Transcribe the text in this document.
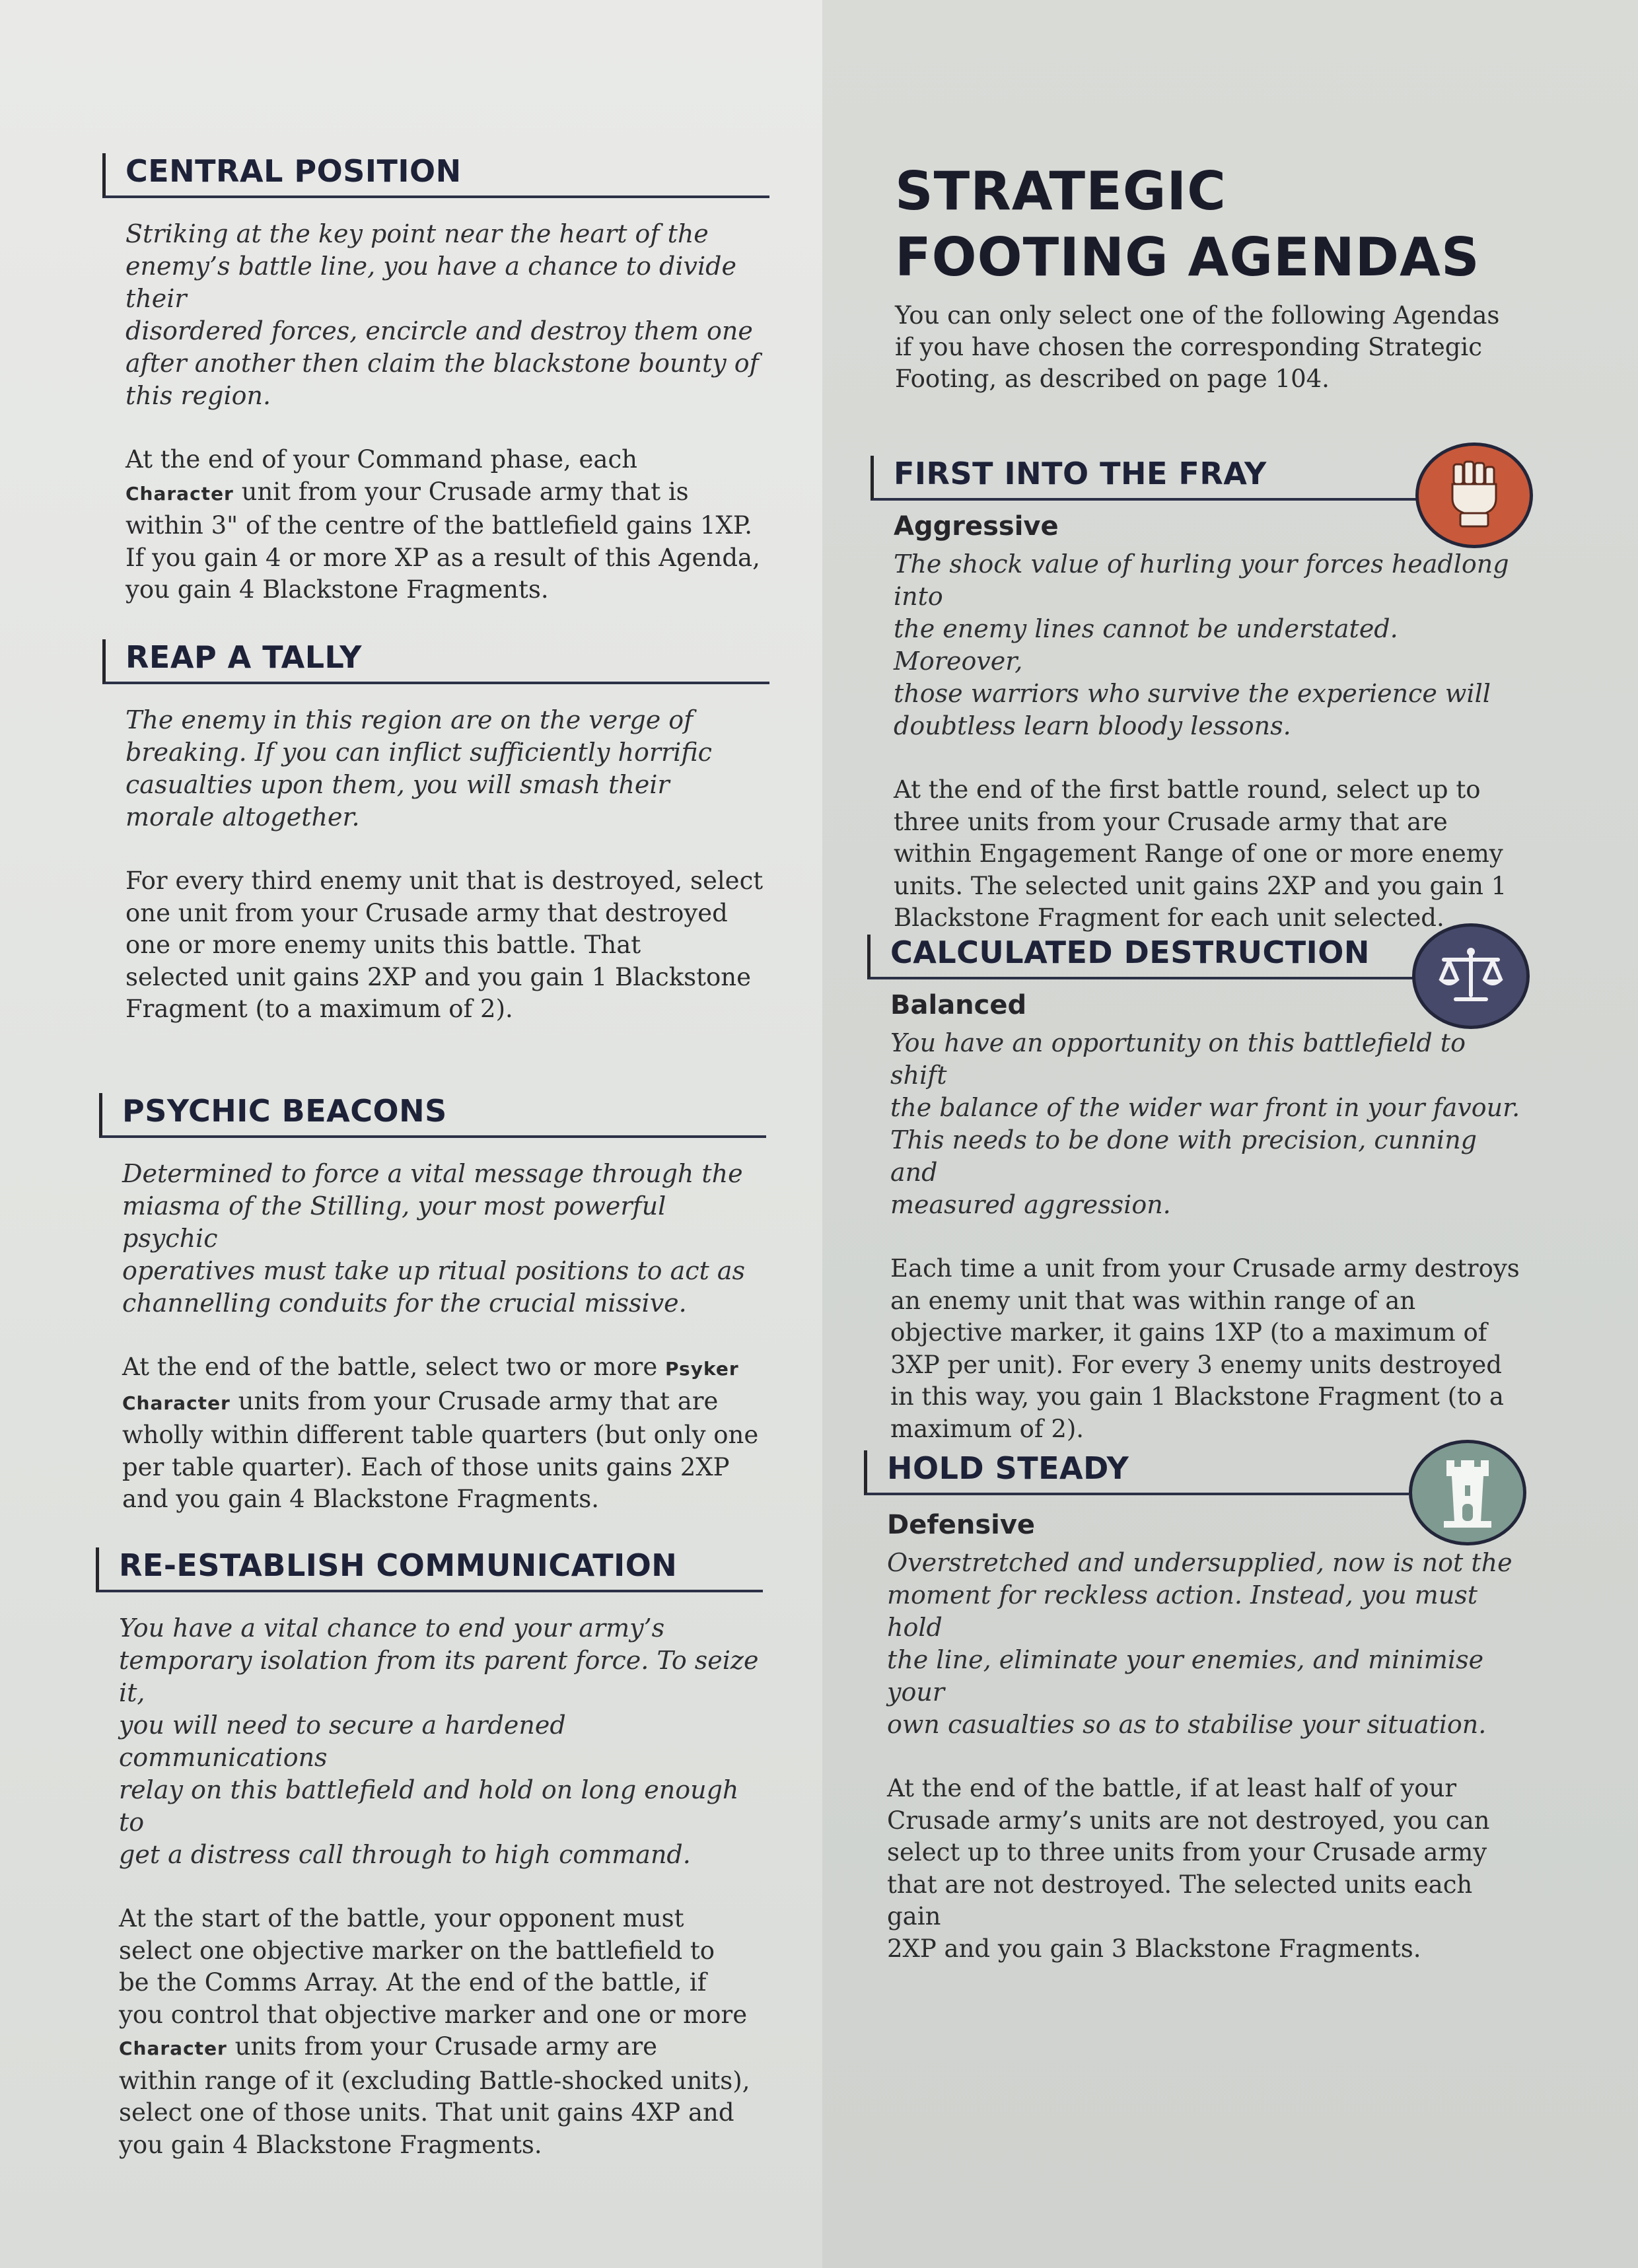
CENTRAL POSITION
Striking at the key point near the heart of the
enemy’s battle line, you have a chance to divide their
disordered forces, encircle and destroy them one
after another then claim the blackstone bounty of
this region.
At the end of your Command phase, each
Character unit from your Crusade army that is
within 3" of the centre of the battlefield gains 1XP.
If you gain 4 or more XP as a result of this Agenda,
you gain 4 Blackstone Fragments.
REAP A TALLY
The enemy in this region are on the verge of
breaking. If you can inflict sufficiently horrific
casualties upon them, you will smash their
morale altogether.
For every third enemy unit that is destroyed, select
one unit from your Crusade army that destroyed
one or more enemy units this battle. That
selected unit gains 2XP and you gain 1 Blackstone
Fragment (to a maximum of 2).
PSYCHIC BEACONS
Determined to force a vital message through the
miasma of the Stilling, your most powerful psychic
operatives must take up ritual positions to act as
channelling conduits for the crucial missive.
At the end of the battle, select two or more Psyker
Character units from your Crusade army that are
wholly within different table quarters (but only one
per table quarter). Each of those units gains 2XP
and you gain 4 Blackstone Fragments.
RE-ESTABLISH COMMUNICATION
You have a vital chance to end your army’s
temporary isolation from its parent force. To seize it,
you will need to secure a hardened communications
relay on this battlefield and hold on long enough to
get a distress call through to high command.
At the start of the battle, your opponent must
select one objective marker on the battlefield to
be the Comms Array. At the end of the battle, if
you control that objective marker and one or more
Character units from your Crusade army are
within range of it (excluding Battle-shocked units),
select one of those units. That unit gains 4XP and
you gain 4 Blackstone Fragments.
STRATEGIC
FOOTING AGENDAS
You can only select one of the following Agendas
if you have chosen the corresponding Strategic
Footing, as described on page 104.
FIRST INTO THE FRAY
Aggressive
The shock value of hurling your forces headlong into
the enemy lines cannot be understated. Moreover,
those warriors who survive the experience will
doubtless learn bloody lessons.
At the end of the first battle round, select up to
three units from your Crusade army that are
within Engagement Range of one or more enemy
units. The selected unit gains 2XP and you gain 1
Blackstone Fragment for each unit selected.
CALCULATED DESTRUCTION
Balanced
You have an opportunity on this battlefield to shift
the balance of the wider war front in your favour.
This needs to be done with precision, cunning and
measured aggression.
Each time a unit from your Crusade army destroys
an enemy unit that was within range of an
objective marker, it gains 1XP (to a maximum of
3XP per unit). For every 3 enemy units destroyed
in this way, you gain 1 Blackstone Fragment (to a
maximum of 2).
HOLD STEADY
Defensive
Overstretched and undersupplied, now is not the
moment for reckless action. Instead, you must hold
the line, eliminate your enemies, and minimise your
own casualties so as to stabilise your situation.
At the end of the battle, if at least half of your
Crusade army’s units are not destroyed, you can
select up to three units from your Crusade army
that are not destroyed. The selected units each gain
2XP and you gain 3 Blackstone Fragments.
